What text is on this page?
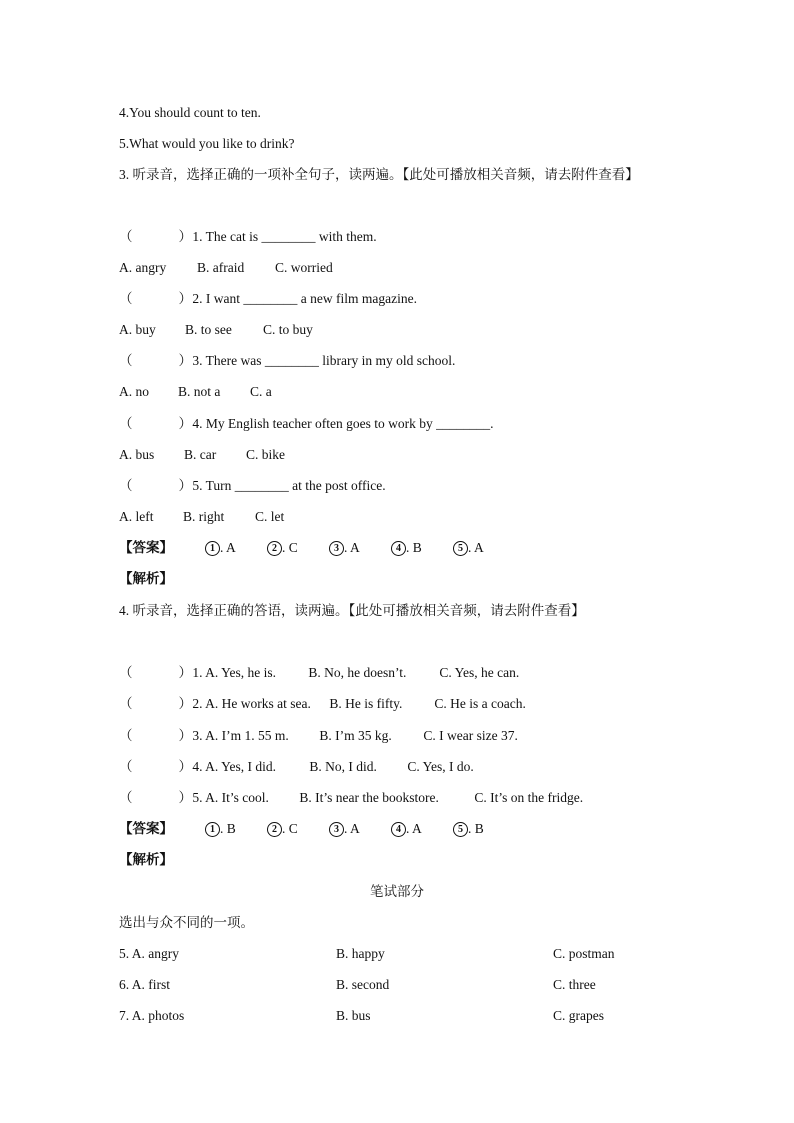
4.You should count to ten.
5.What would you like to drink?
3. 听录音，选择正确的一项补全句子，读两遍。【此处可播放相关音频，请去附件查看】
（	） 1. The cat is ________ with them.
A. angry B. afraid C. worried
（	） 2. I want ________ a new film magazine.
A. buy B. to see C. to buy
（	） 3. There was ________ library in my old school.
A. no B. not a C. a
（	） 4. My English teacher often goes to work by ________.
A. bus B. car C. bike
（	） 5. Turn ________ at the post office.
A. left B. right C. let
【答案】	1 . A	2 . C	3 . A	4 . B	5 . A
【解析】
4. 听录音，选择正确的答语，读两遍。【此处可播放相关音频，请去附件查看】
（	） 1. A. Yes, he is. B. No, he doesn’t. C. Yes, he can.
（	） 2. A. He works at sea. B. He is fifty. C. He is a coach.
（	） 3. A. I’m 1. 55 m. B. I’m 35 kg. C. I wear size 37.
（	） 4. A. Yes, I did. B. No, I did. C. Yes, I do.
（	） 5. A. It’s cool. B. It’s near the bookstore.	C. It’s on the fridge.
【答案】	1 . B	2 . C	3 . A	4 . A	5 . B
【解析】
笔试部分
选出与众不同的一项。
5. A. angry	B. happy	C. postman
6. A. first	B. second	C. three
7. A. photos	B. bus	C. grapes
